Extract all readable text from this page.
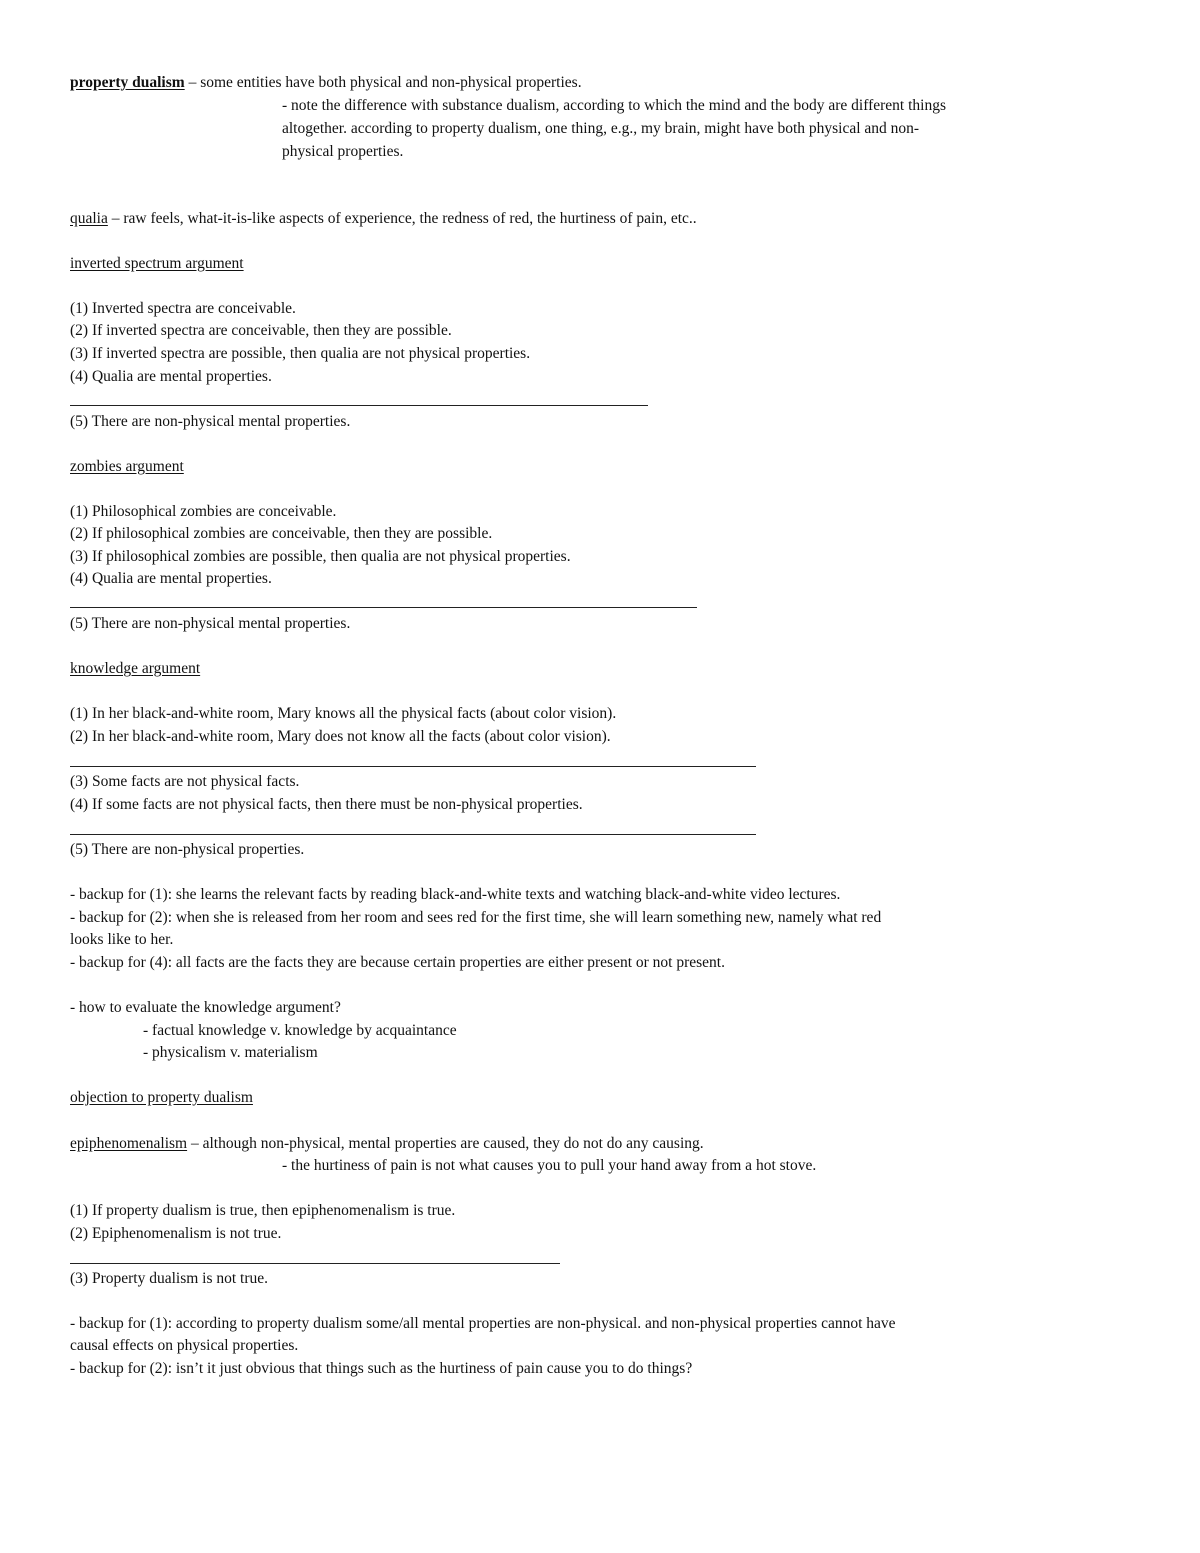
property dualism – some entities have both physical and non-physical properties.
- note the difference with substance dualism, according to which the mind and the body are different things
altogether. according to property dualism, one thing, e.g., my brain, might have both physical and non-
physical properties.
qualia – raw feels, what-it-is-like aspects of experience, the redness of red, the hurtiness of pain, etc..
inverted spectrum argument
(1) Inverted spectra are conceivable.
(2) If inverted spectra are conceivable, then they are possible.
(3) If inverted spectra are possible, then qualia are not physical properties.
(4) Qualia are mental properties.
(5) There are non-physical mental properties.
zombies argument
(1) Philosophical zombies are conceivable.
(2) If philosophical zombies are conceivable, then they are possible.
(3) If philosophical zombies are possible, then qualia are not physical properties.
(4) Qualia are mental properties.
(5) There are non-physical mental properties.
knowledge argument
(1) In her black-and-white room, Mary knows all the physical facts (about color vision).
(2) In her black-and-white room, Mary does not know all the facts (about color vision).
(3) Some facts are not physical facts.
(4) If some facts are not physical facts, then there must be non-physical properties.
(5) There are non-physical properties.
- backup for (1): she learns the relevant facts by reading black-and-white texts and watching black-and-white video lectures.
- backup for (2): when she is released from her room and sees red for the first time, she will learn something new, namely what red
looks like to her.
- backup for (4): all facts are the facts they are because certain properties are either present or not present.
- how to evaluate the knowledge argument?
- factual knowledge v. knowledge by acquaintance
- physicalism v. materialism
objection to property dualism
epiphenomenalism – although non-physical, mental properties are caused, they do not do any causing.
- the hurtiness of pain is not what causes you to pull your hand away from a hot stove.
(1) If property dualism is true, then epiphenomenalism is true.
(2) Epiphenomenalism is not true.
(3) Property dualism is not true.
- backup for (1): according to property dualism some/all mental properties are non-physical. and non-physical properties cannot have
causal effects on physical properties.
- backup for (2): isn’t it just obvious that things such as the hurtiness of pain cause you to do things?
